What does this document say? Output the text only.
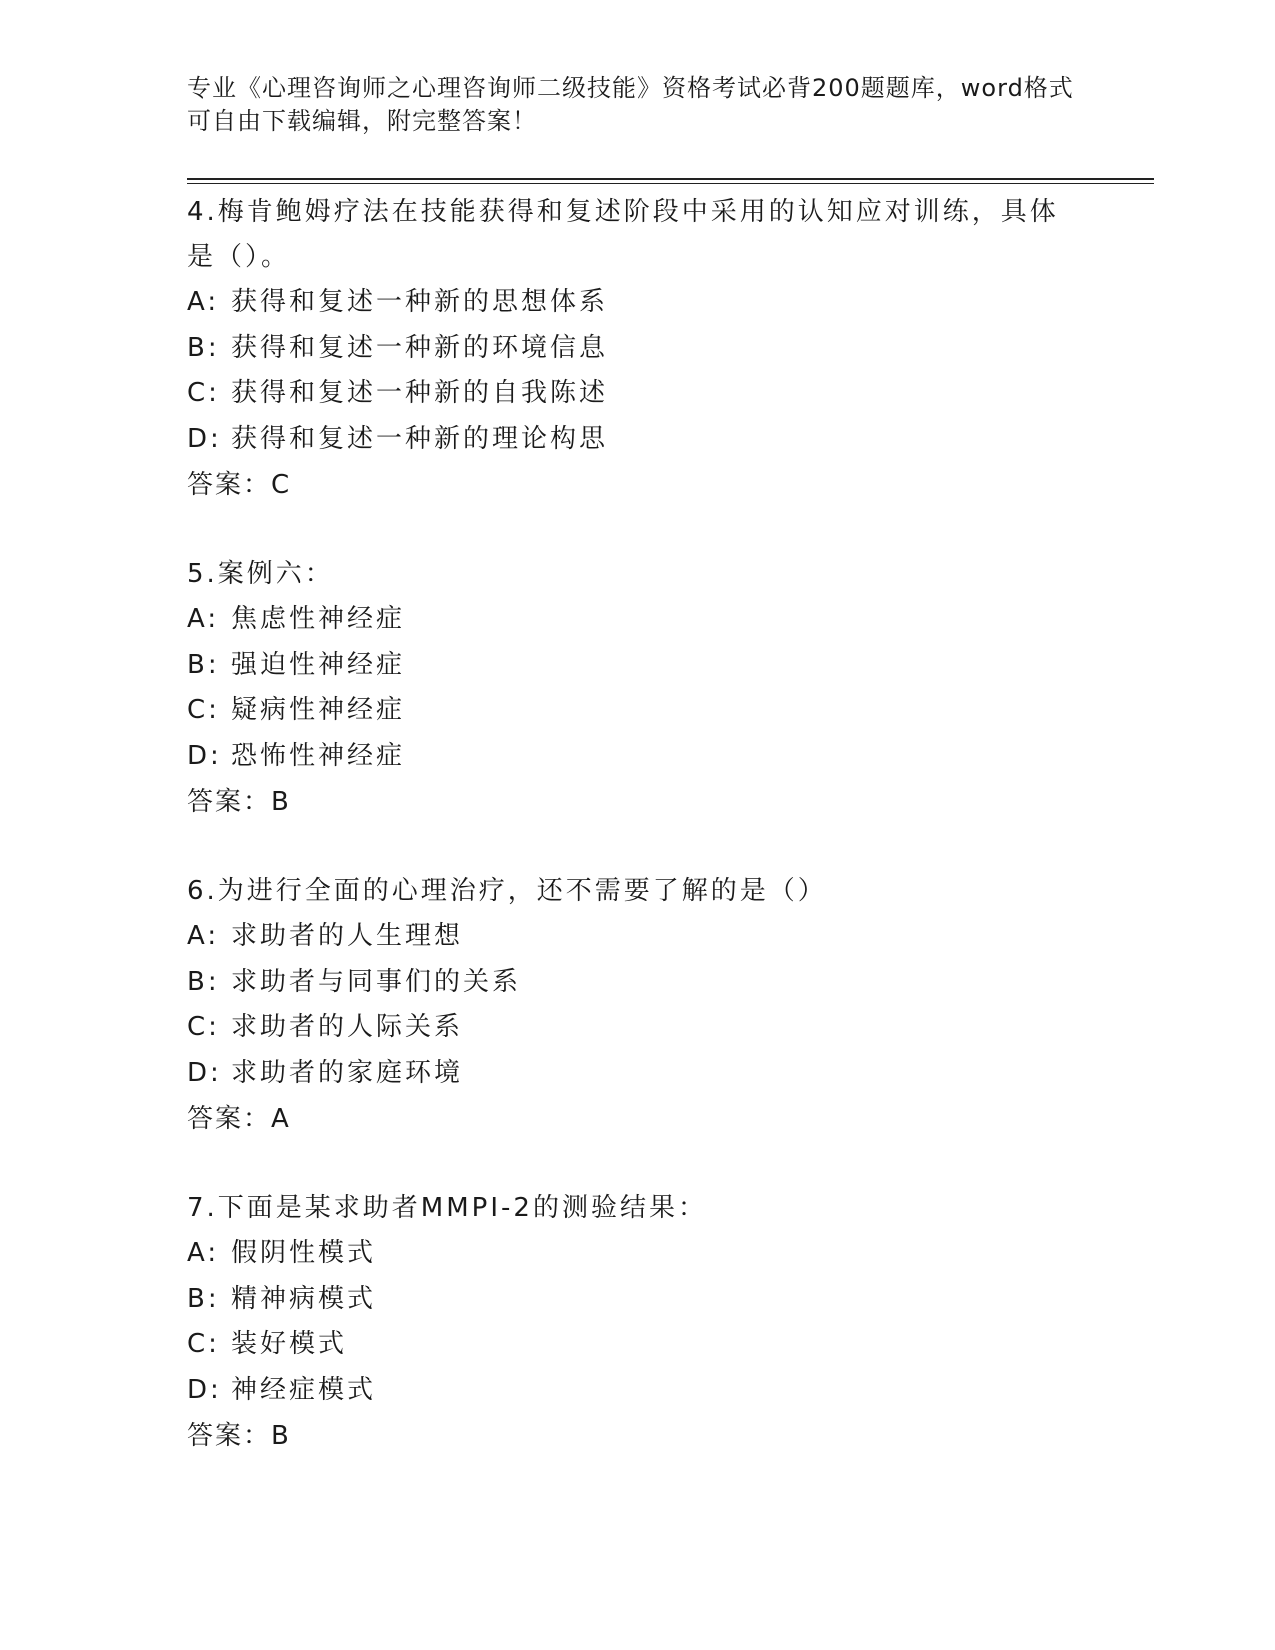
专业《心理咨询师之心理咨询师二级技能》资格考试必背200题题库，word格式
可自由下载编辑，附完整答案！
4.梅肯鲍姆疗法在技能获得和复述阶段中采用的认知应对训练，具体是（）。
A: 获得和复述一种新的思想体系
B: 获得和复述一种新的环境信息
C: 获得和复述一种新的自我陈述
D: 获得和复述一种新的理论构思
答案：C
5.案例六：
A: 焦虑性神经症
B: 强迫性神经症
C: 疑病性神经症
D: 恐怖性神经症
答案：B
6.为进行全面的心理治疗，还不需要了解的是（）
A: 求助者的人生理想
B: 求助者与同事们的关系
C: 求助者的人际关系
D: 求助者的家庭环境
答案：A
7.下面是某求助者MMPI-2的测验结果：
A: 假阴性模式
B: 精神病模式
C: 装好模式
D: 神经症模式
答案：B
